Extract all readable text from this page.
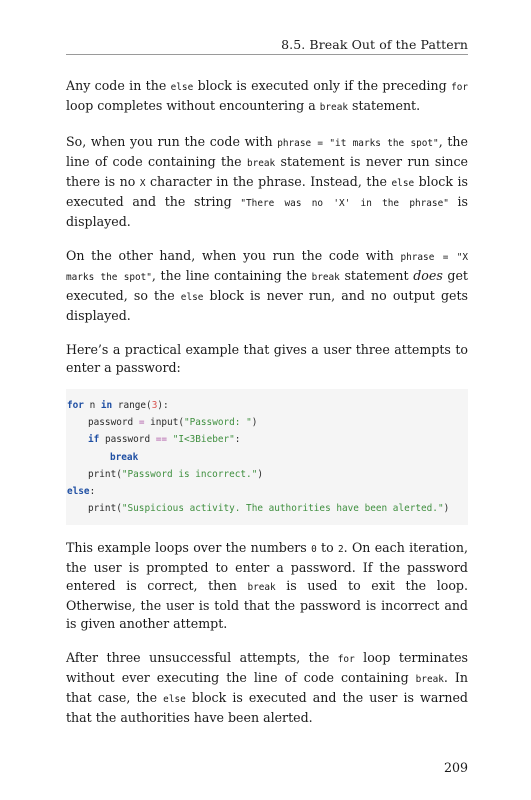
8.5. Break Out of the Pattern

Any code in the else block is executed only if the preceding for loop completes without encountering a break statement.

So, when you run the code with phrase = "it marks the spot", the line of code containing the break statement is never run since there is no X character in the phrase. Instead, the else block is executed and the string "There was no 'X' in the phrase" is displayed.

On the other hand, when you run the code with phrase = "X marks the spot", the line containing the break statement does get executed, so the else block is never run, and no output gets displayed.

Here’s a practical example that gives a user three attempts to enter a password:

for n in range(3):
password = input("Password: ")
if password == "I<3Bieber":
break
print("Password is incorrect.")
else:
print("Suspicious activity. The authorities have been alerted.")

This example loops over the numbers 0 to 2. On each iteration, the user is prompted to enter a password. If the password entered is correct, then break is used to exit the loop. Otherwise, the user is told that the password is incorrect and is given another attempt.

After three unsuccessful attempts, the for loop terminates without ever executing the line of code containing break. In that case, the else block is executed and the user is warned that the authorities have been alerted.

209
